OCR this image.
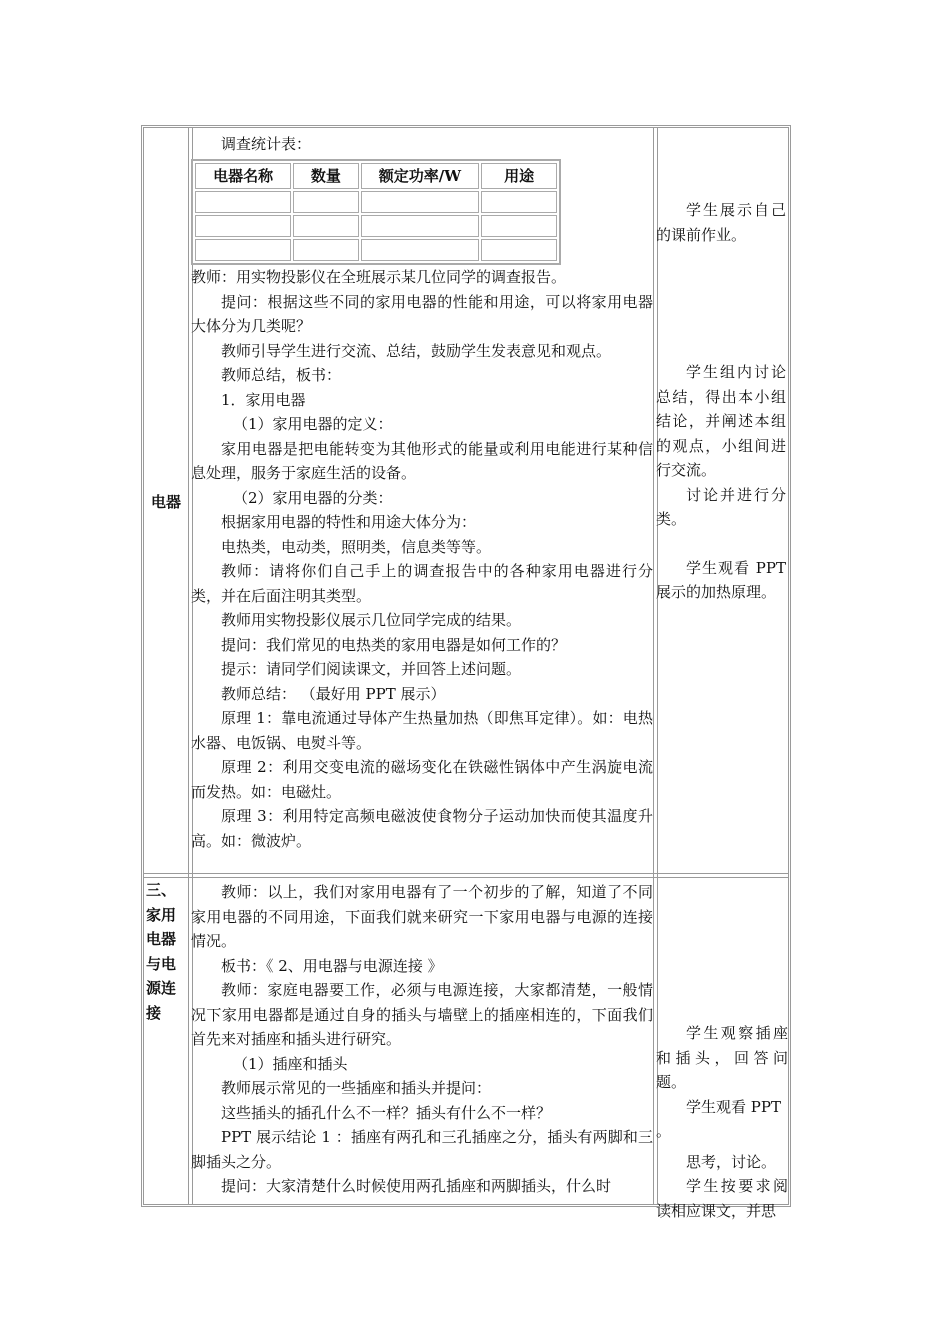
电器

调查统计表：

电器名称	数量	额定功率/W	用途

教师：用实物投影仪在全班展示某几位同学的调查报告。

提问：根据这些不同的家用电器的性能和用途，可以将家用电器大体分为几类呢？

教师引导学生进行交流、总结，鼓励学生发表意见和观点。

教师总结，板书：

1．家用电器

（1）家用电器的定义：

家用电器是把电能转变为其他形式的能量或利用电能进行某种信息处理，服务于家庭生活的设备。

（2）家用电器的分类：

根据家用电器的特性和用途大体分为：

电热类，电动类，照明类，信息类等等。

教师：请将你们自己手上的调查报告中的各种家用电器进行分类，并在后面注明其类型。

教师用实物投影仪展示几位同学完成的结果。

提问：我们常见的电热类的家用电器是如何工作的？

提示：请同学们阅读课文，并回答上述问题。

教师总结： （最好用 PPT 展示）

原理 1：靠电流通过导体产生热量加热（即焦耳定律）。如：电热水器、电饭锅、电熨斗等。

原理 2：利用交变电流的磁场变化在铁磁性锅体中产生涡旋电流而发热。如：电磁灶。

原理 3：利用特定高频电磁波使食物分子运动加快而使其温度升高。如：微波炉。

学生展示自己的课前作业。

学生组内讨论总结，得出本小组结论，并阐述本组的观点，小组间进行交流。

讨论并进行分类。

学生观看 PPT 展示的加热原理。

三、家用电器与电源连接

教师：以上，我们对家用电器有了一个初步的了解，知道了不同家用电器的不同用途，下面我们就来研究一下家用电器与电源的连接情况。

板书：《 2、用电器与电源连接 》

教师：家庭电器要工作，必须与电源连接，大家都清楚，一般情况下家用电器都是通过自身的插头与墙壁上的插座相连的，下面我们首先来对插座和插头进行研究。

（1）插座和插头

教师展示常见的一些插座和插头并提问：

这些插头的插孔什么不一样？插头有什么不一样？

PPT 展示结论 1 ：插座有两孔和三孔插座之分，插头有两脚和三脚插头之分。

提问：大家清楚什么时候使用两孔插座和两脚插头，什么时

学生观察插座和插头，回答问题。

学生观看 PPT

。

思考，讨论。

学生按要求阅读相应课文，并思
